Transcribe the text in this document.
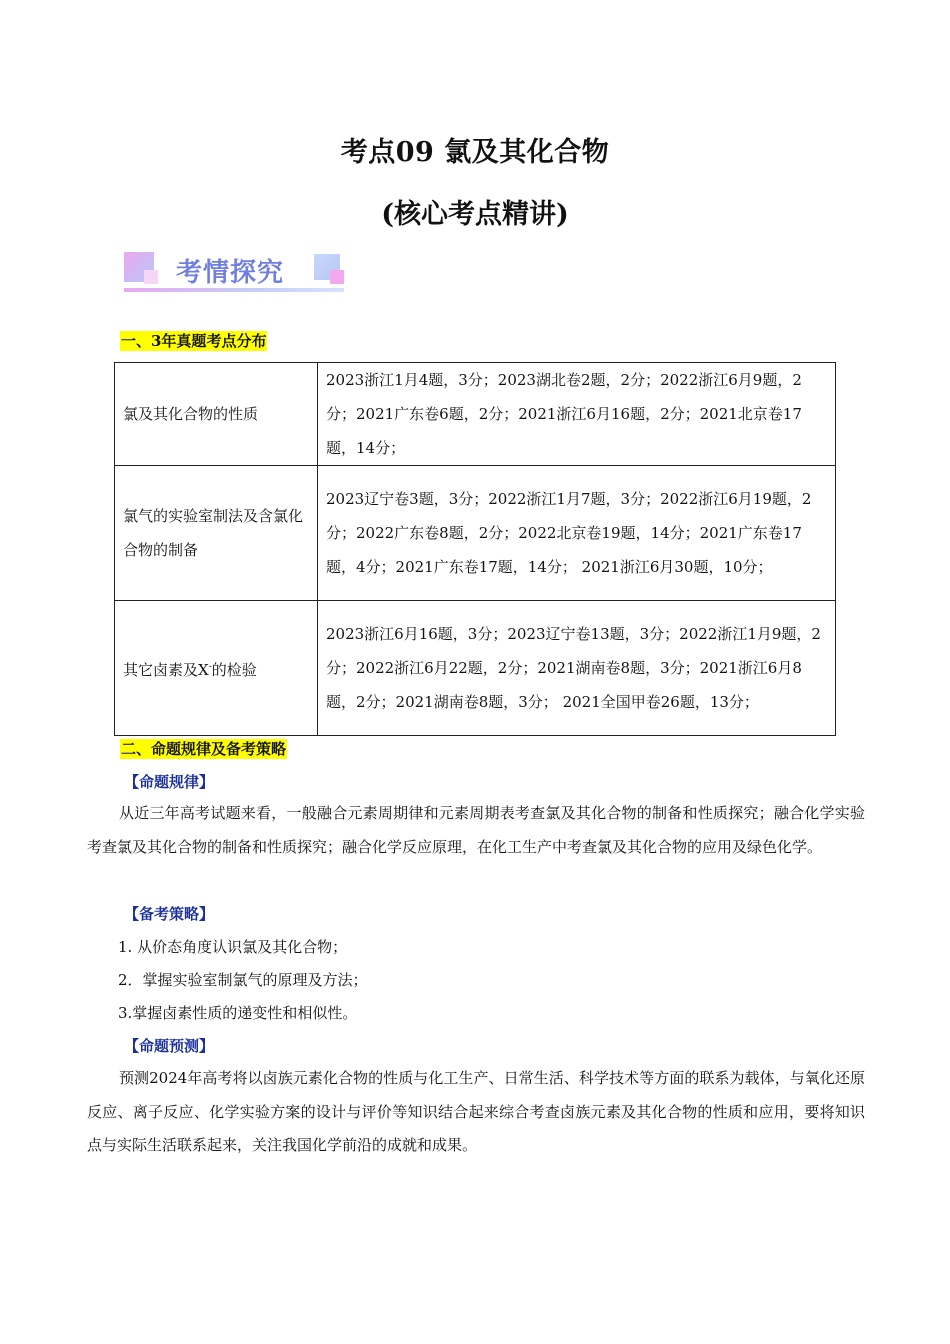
考点09 氯及其化合物
(核心考点精讲)
考情探究
一、3年真题考点分布
氯及其化合物的性质	2023浙江1月4题，3分；2023湖北卷2题，2分；2022浙江6月9题，2分；2021广东卷6题，2分；2021浙江6月16题，2分；2021北京卷17题，14分；
氯气的实验室制法及含氯化合物的制备	2023辽宁卷3题，3分；2022浙江1月7题，3分；2022浙江6月19题，2分；2022广东卷8题，2分；2022北京卷19题，14分；2021广东卷17题，4分；2021广东卷17题，14分； 2021浙江6月30题，10分；
其它卤素及X-的检验	2023浙江6月16题，3分；2023辽宁卷13题，3分；2022浙江1月9题，2分；2022浙江6月22题，2分；2021湖南卷8题，3分；2021浙江6月8题，2分；2021湖南卷8题，3分； 2021全国甲卷26题，13分；
二、命题规律及备考策略
【命题规律】
从近三年高考试题来看，一般融合元素周期律和元素周期表考查氯及其化合物的制备和性质探究；融合化学实验考查氯及其化合物的制备和性质探究；融合化学反应原理，在化工生产中考查氯及其化合物的应用及绿色化学。
【备考策略】
1. 从价态角度认识氯及其化合物；
2．掌握实验室制氯气的原理及方法；
3.掌握卤素性质的递变性和相似性。
【命题预测】
预测2024年高考将以卤族元素化合物的性质与化工生产、日常生活、科学技术等方面的联系为载体，与氧化还原反应、离子反应、化学实验方案的设计与评价等知识结合起来综合考查卤族元素及其化合物的性质和应用，要将知识点与实际生活联系起来，关注我国化学前沿的成就和成果。
